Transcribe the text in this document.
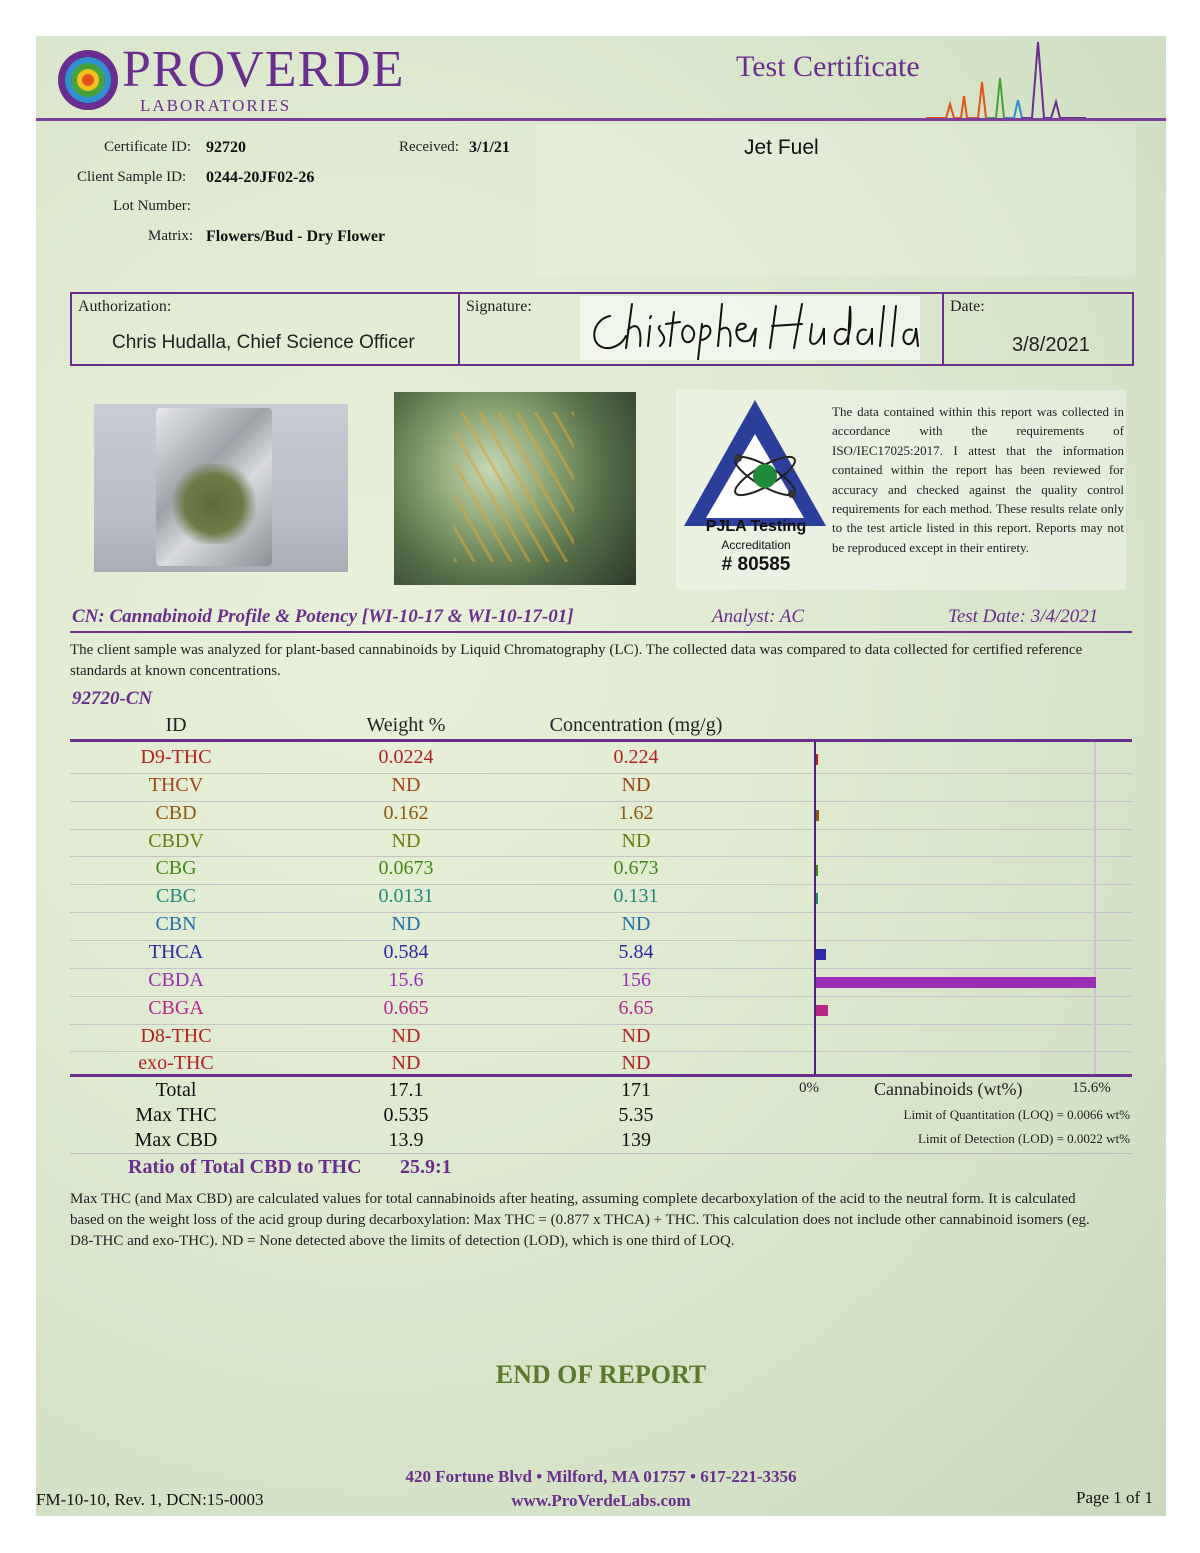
PROVERDE
LABORATORIES
Test Certificate
Certificate ID: 92720	Received: 3/1/21
Client Sample ID: 0244-20JF02-26
Lot Number:
Matrix: Flowers/Bud - Dry Flower
Jet Fuel
Authorization:
Chris Hudalla, Chief Science Officer
Signature:	Date:
3/8/2021
PJLA Testing
Accreditation
# 80585
The data contained within this report was collected in accordance with the requirements of ISO/IEC17025:2017. I attest that the information contained within the report has been reviewed for accuracy and checked against the quality control requirements for each method. These results relate only to the test article listed in this report. Reports may not be reproduced except in their entirety.
CN: Cannabinoid Profile & Potency [WI-10-17 & WI-10-17-01]	Analyst: AC	Test Date: 3/4/2021
The client sample was analyzed for plant-based cannabinoids by Liquid Chromatography (LC). The collected data was compared to data collected for certified reference standards at known concentrations.
92720-CN
ID	Weight %	Concentration (mg/g)
D9-THC	0.0224	0.224
THCV	ND	ND
CBD	0.162	1.62
CBDV	ND	ND
CBG	0.0673	0.673
CBC	0.0131	0.131
CBN	ND	ND
THCA	0.584	5.84
CBDA	15.6	156
CBGA	0.665	6.65
D8-THC	ND	ND
exo-THC	ND	ND
Total	17.1	171
Max THC	0.535	5.35
Max CBD	13.9	139
0%	Cannabinoids (wt%)	15.6%
Limit of Quantitation (LOQ) = 0.0066 wt%
Limit of Detection (LOD) = 0.0022 wt%
Ratio of Total CBD to THC 25.9:1
Max THC (and Max CBD) are calculated values for total cannabinoids after heating, assuming complete decarboxylation of the acid to the neutral form. It is calculated based on the weight loss of the acid group during decarboxylation: Max THC = (0.877 x THCA) + THC. This calculation does not include other cannabinoid isomers (eg. D8-THC and exo-THC). ND = None detected above the limits of detection (LOD), which is one third of LOQ.
END OF REPORT
420 Fortune Blvd • Milford, MA 01757 • 617-221-3356
www.ProVerdeLabs.com
FM-10-10, Rev. 1, DCN:15-0003	Page 1 of 1
